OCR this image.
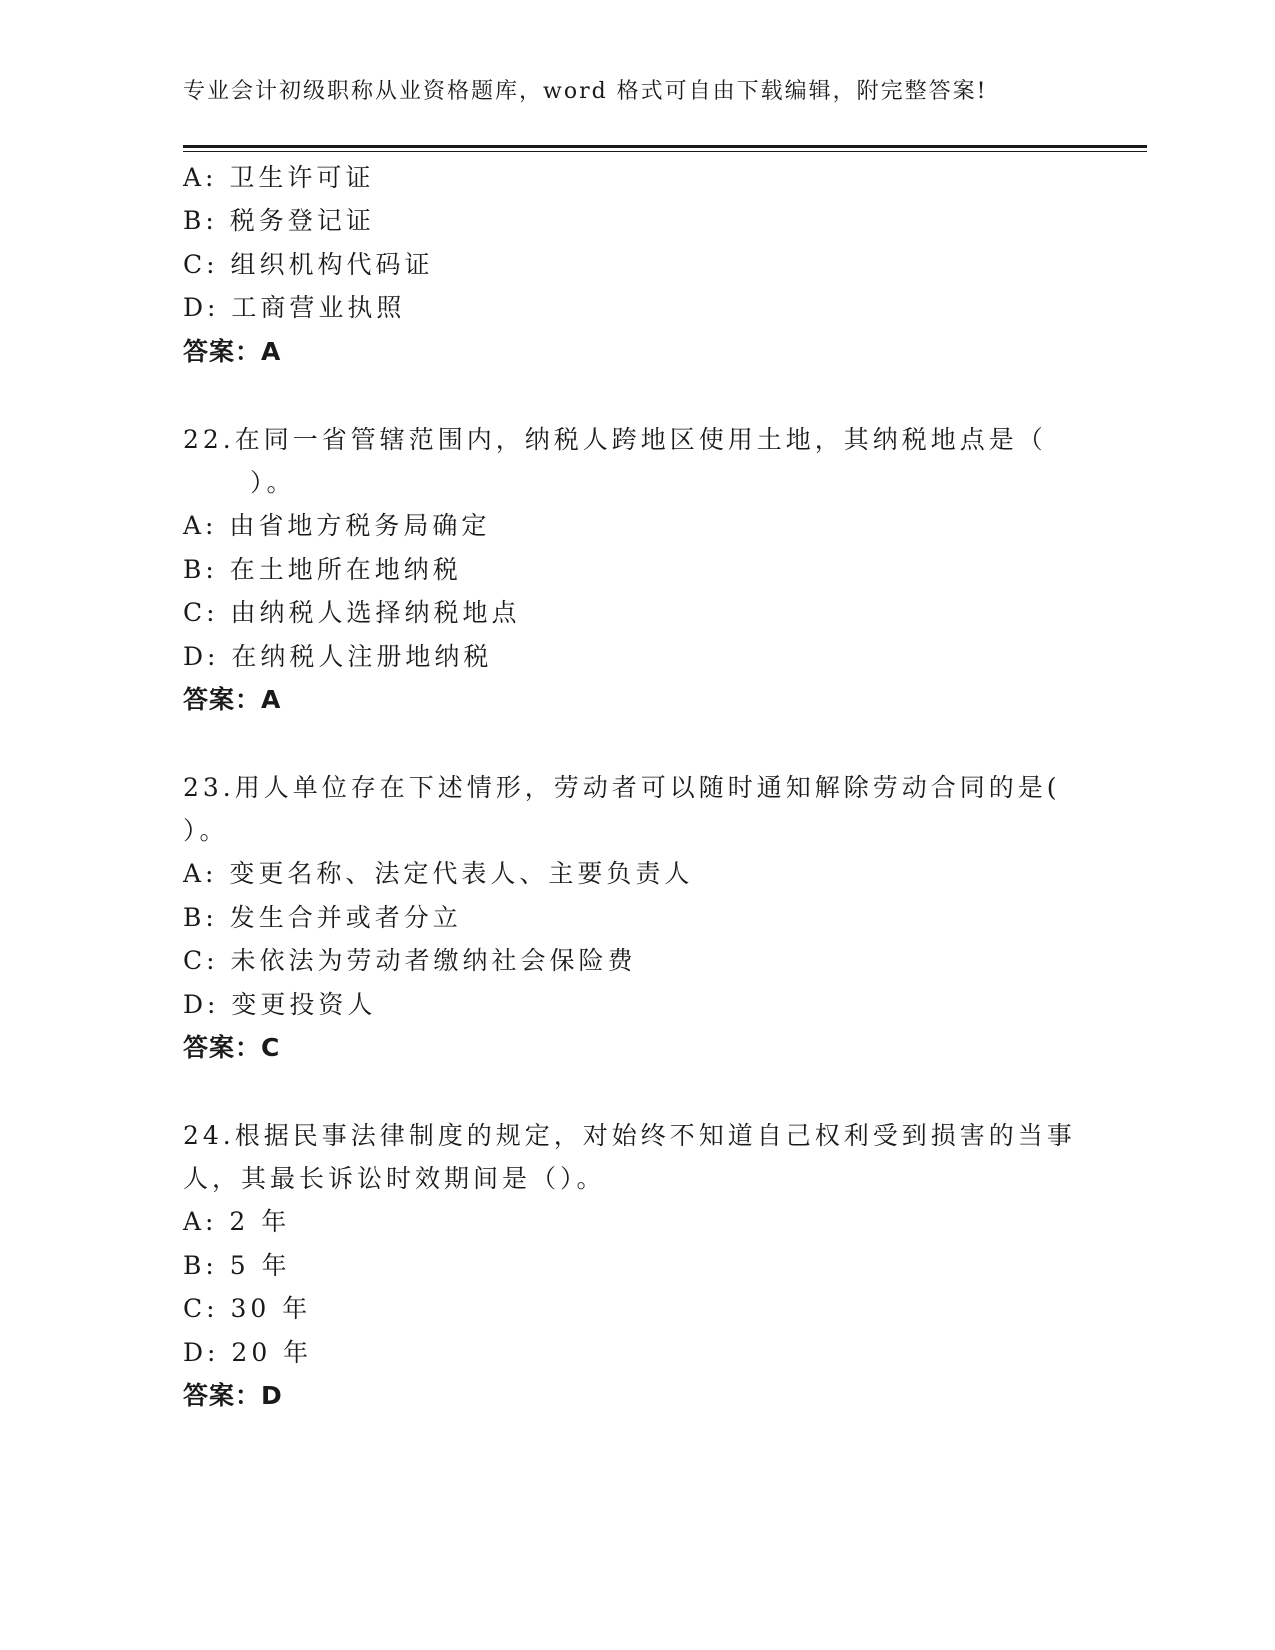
专业会计初级职称从业资格题库，word 格式可自由下载编辑，附完整答案!
A: 卫生许可证
B: 税务登记证
C: 组织机构代码证
D: 工商营业执照
答案：A
22.在同一省管辖范围内，纳税人跨地区使用土地，其纳税地点是（
）。
A: 由省地方税务局确定
B: 在土地所在地纳税
C: 由纳税人选择纳税地点
D: 在纳税人注册地纳税
答案：A
23.用人单位存在下述情形，劳动者可以随时通知解除劳动合同的是(
）。
A: 变更名称、法定代表人、主要负责人
B: 发生合并或者分立
C: 未依法为劳动者缴纳社会保险费
D: 变更投资人
答案：C
24.根据民事法律制度的规定，对始终不知道自己权利受到损害的当事
人，其最长诉讼时效期间是（）。
A: 2 年
B: 5 年
C: 30 年
D: 20 年
答案：D
